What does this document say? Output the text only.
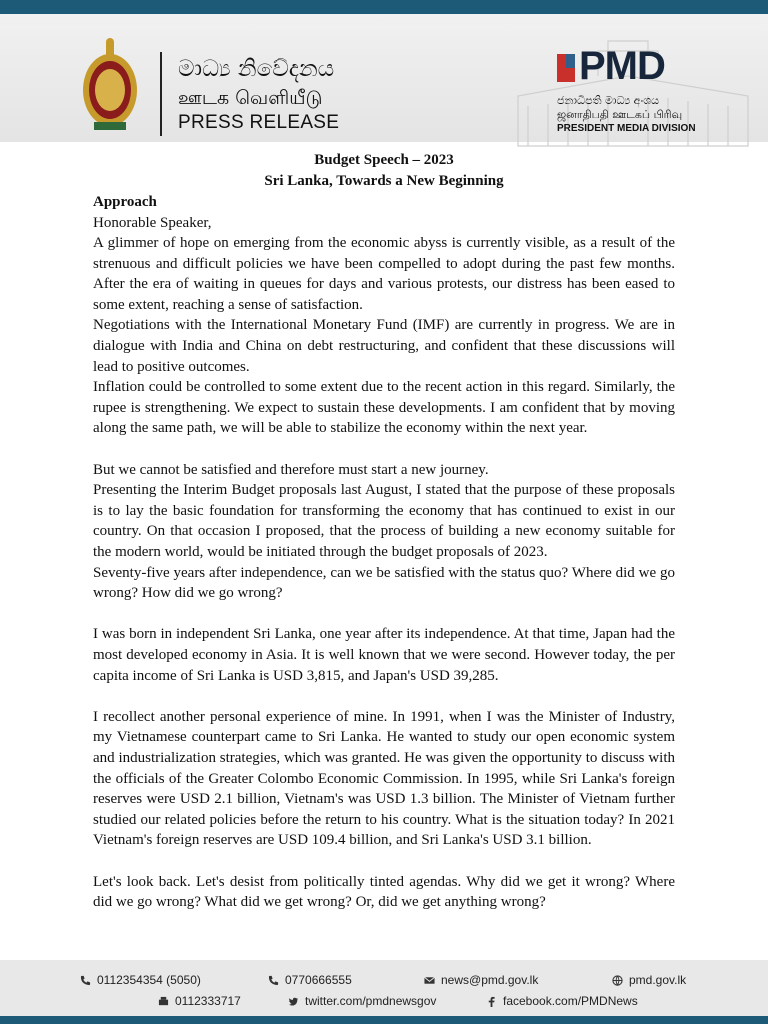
මාධ්‍ය නිවේදනය
ஊடக வெளியீடு
PRESS RELEASE
PMD
ජනාධිපති මාධ්‍ය අංශය
ஜனாதிபதி ஊடகப் பிரிவு
PRESIDENT MEDIA DIVISION
Budget Speech – 2023
Sri Lanka, Towards a New Beginning
Approach

Honorable Speaker,

A glimmer of hope on emerging from the economic abyss is currently visible, as a result of the strenuous and difficult policies we have been compelled to adopt during the past few months. After the era of waiting in queues for days and various protests, our distress has been eased to some extent, reaching a sense of satisfaction.

Negotiations with the International Monetary Fund (IMF) are currently in progress. We are in dialogue with India and China on debt restructuring, and confident that these discussions will lead to positive outcomes.

Inflation could be controlled to some extent due to the recent action in this regard. Similarly, the rupee is strengthening. We expect to sustain these developments. I am confident that by moving along the same path, we will be able to stabilize the economy within the next year.

But we cannot be satisfied and therefore must start a new journey.

Presenting the Interim Budget proposals last August, I stated that the purpose of these proposals is to lay the basic foundation for transforming the economy that has continued to exist in our country. On that occasion I proposed, that the process of building a new economy suitable for the modern world, would be initiated through the budget proposals of 2023.

Seventy-five years after independence, can we be satisfied with the status quo? Where did we go wrong? How did we go wrong?

I was born in independent Sri Lanka, one year after its independence. At that time, Japan had the most developed economy in Asia. It is well known that we were second. However today, the per capita income of Sri Lanka is USD 3,815, and Japan's USD 39,285.

I recollect another personal experience of mine. In 1991, when I was the Minister of Industry, my Vietnamese counterpart came to Sri Lanka. He wanted to study our open economic system and industrialization strategies, which was granted. He was given the opportunity to discuss with the officials of the Greater Colombo Economic Commission. In 1995, while Sri Lanka's foreign reserves were USD 2.1 billion, Vietnam's was USD 1.3 billion. The Minister of Vietnam further studied our related policies before the return to his country. What is the situation today? In 2021 Vietnam's foreign reserves are USD 109.4 billion, and Sri Lanka's USD 3.1 billion.

Let's look back. Let's desist from politically tinted agendas. Why did we get it wrong? Where did we go wrong? What did we get wrong? Or, did we get anything wrong?

0112354354 (5050)	0770666555	news@pmd.gov.lk	pmd.gov.lk
0112333717	twitter.com/pmdnewsgov	facebook.com/PMDNews
